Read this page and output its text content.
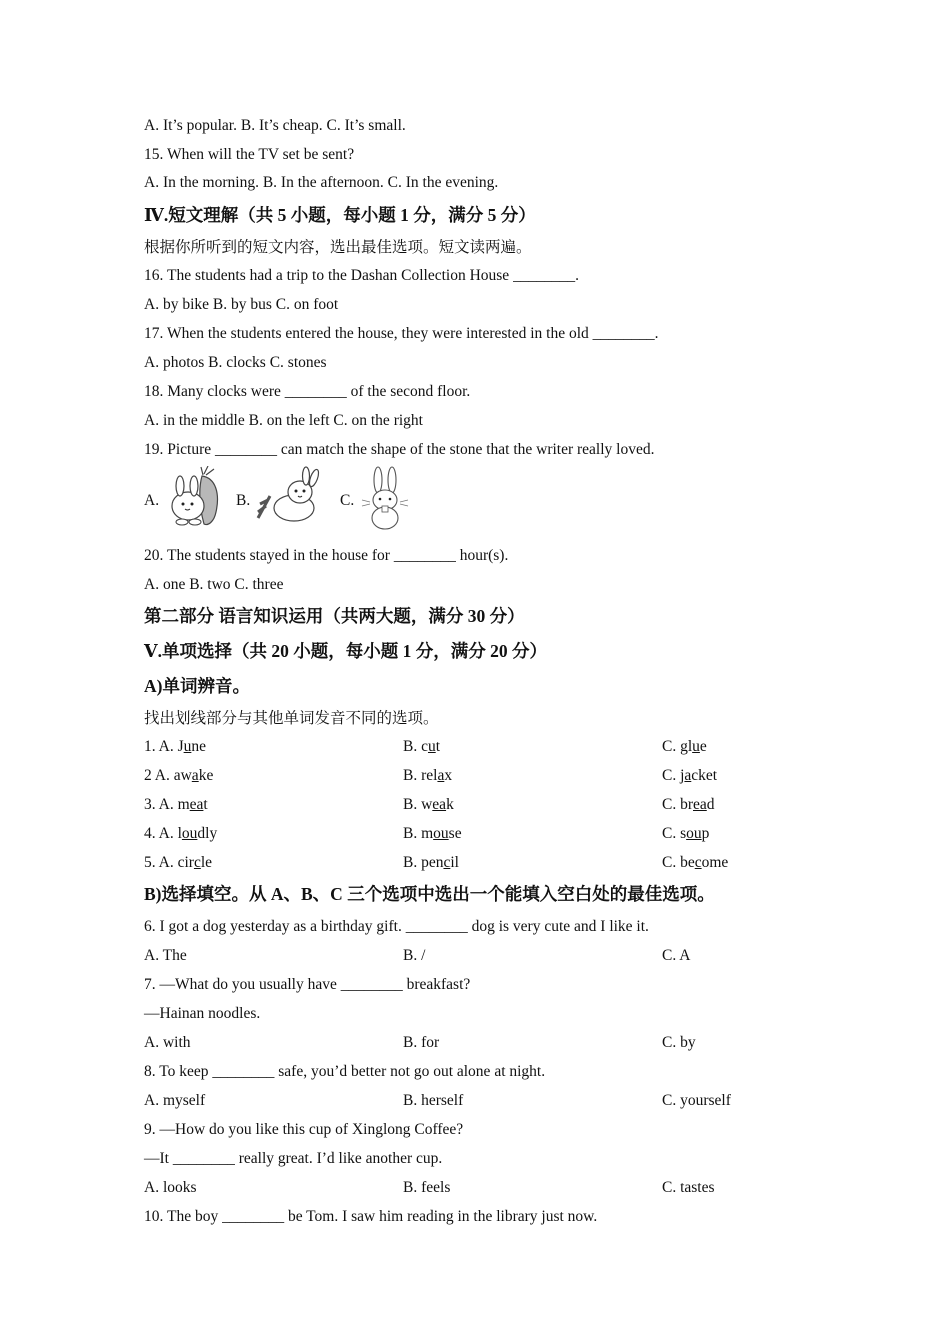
A. It’s popular. B. It’s cheap. C. It’s small.
15. When will the TV set be sent?
A. In the morning. B. In the afternoon. C. In the evening.
Ⅳ.短文理解（共 5 小题，每小题 1 分，满分 5 分）
根据你所听到的短文内容，选出最佳选项。短文读两遍。
16. The students had a trip to the Dashan Collection House ________.
A. by bike B. by bus C. on foot
17. When the students entered the house, they were interested in the old ________.
A. photos B. clocks C. stones
18. Many clocks were ________ of the second floor.
A. in the middle B. on the left C. on the right
19. Picture ________ can match the shape of the stone that the writer really loved.
A.	B.	C.
20. The students stayed in the house for ________ hour(s).
A. one B. two C. three
第二部分 语言知识运用（共两大题，满分 30 分）
Ⅴ.单项选择（共 20 小题，每小题 1 分，满分 20 分）
A)单词辨音。
找出划线部分与其他单词发音不同的选项。
1. A. June	B. cut	C. glue
2 A. awake	B. relax	C. jacket
3. A. meat	B. weak	C. bread
4. A. loudly	B. mouse	C. soup
5. A. circle	B. pencil	C. become
B)选择填空。从 A、B、C 三个选项中选出一个能填入空白处的最佳选项。
6. I got a dog yesterday as a birthday gift. ________ dog is very cute and I like it.
A. The	B. /	C. A
7. —What do you usually have ________ breakfast?
—Hainan noodles.
A. with	B. for	C. by
8. To keep ________ safe, you’d better not go out alone at night.
A. myself	B. herself	C. yourself
9. —How do you like this cup of Xinglong Coffee?
—It ________ really great. I’d like another cup.
A. looks	B. feels	C. tastes
10. The boy ________ be Tom. I saw him reading in the library just now.
